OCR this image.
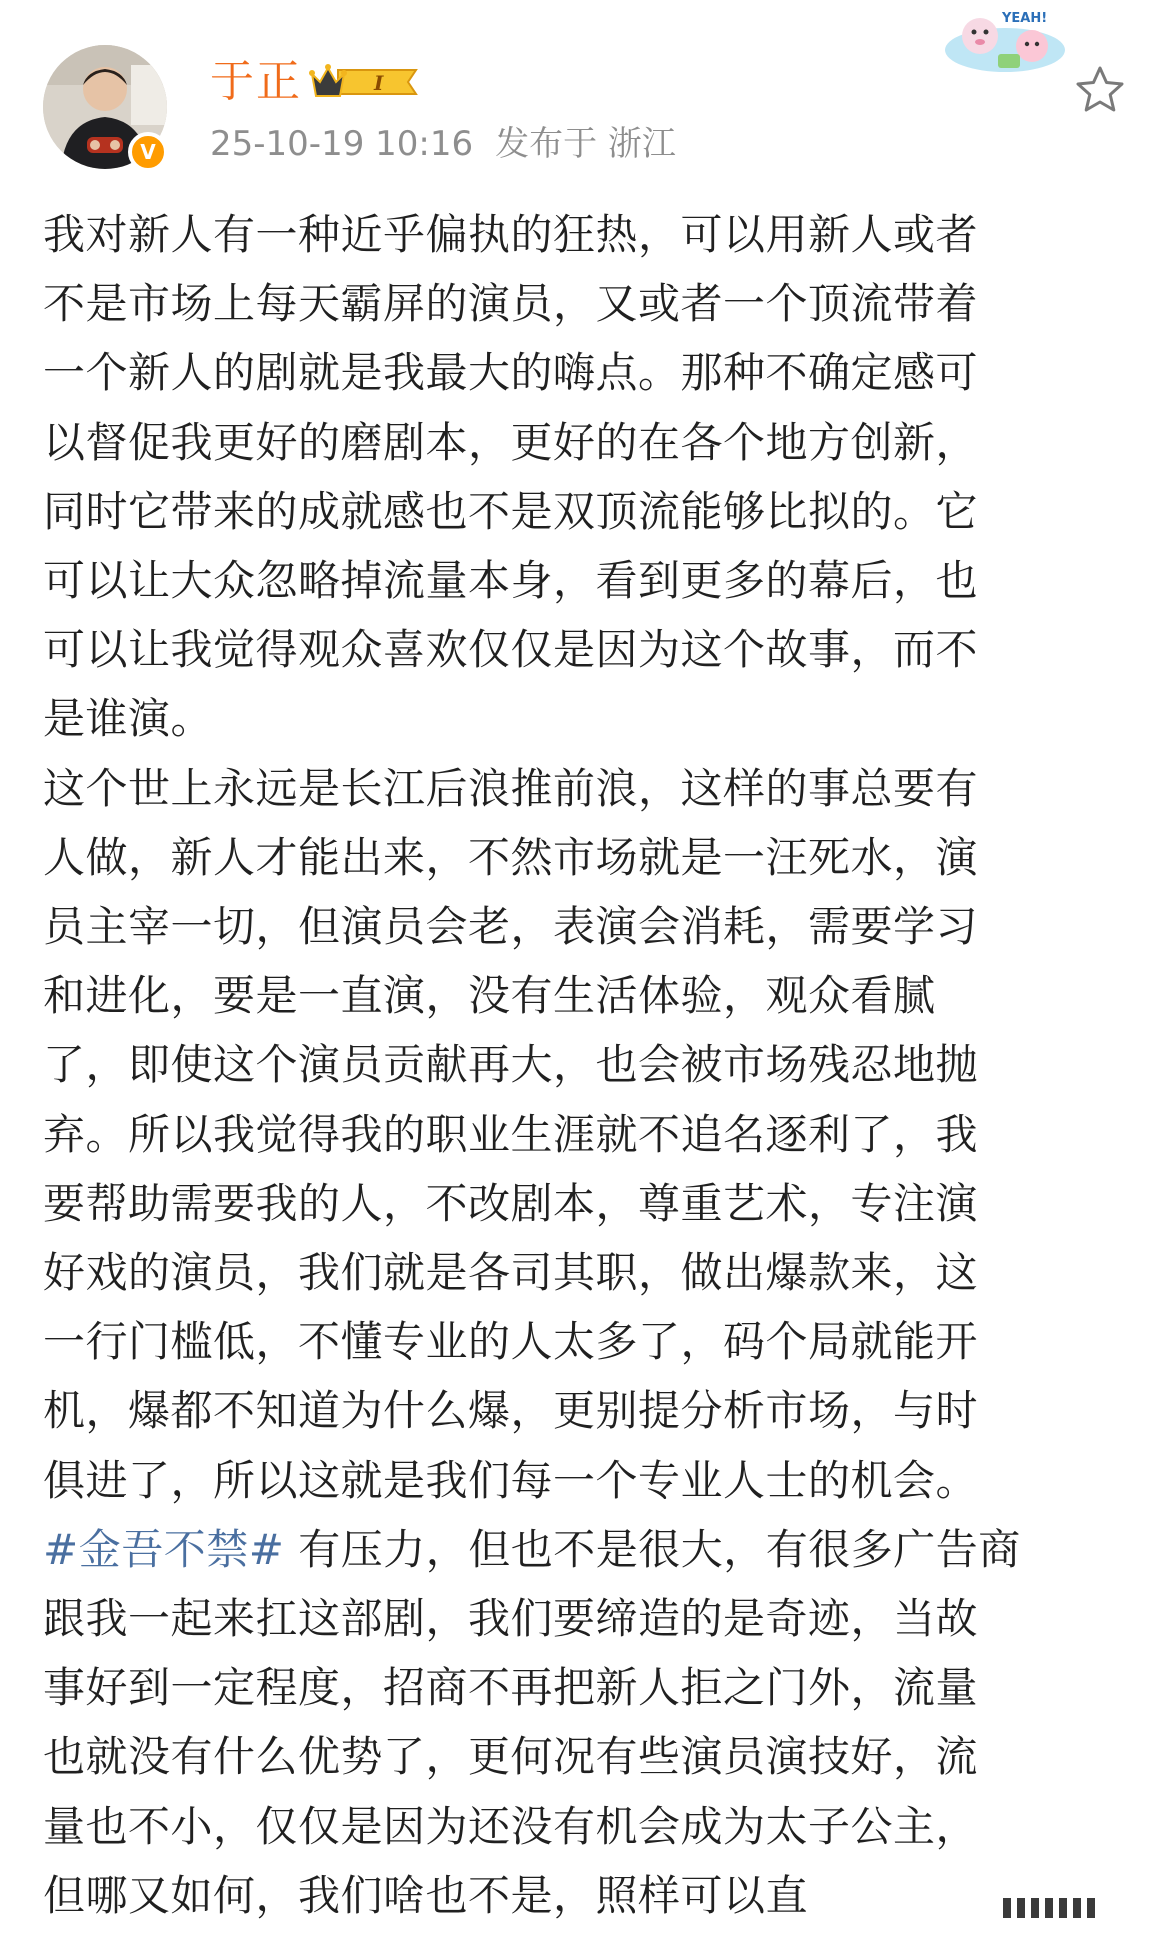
V
于正	I
25-10-19 10:16 发布于 浙江
YEAH!

我对新人有一种近乎偏执的狂热，可以用新人或者
不是市场上每天霸屏的演员，又或者一个顶流带着
一个新人的剧就是我最大的嗨点。那种不确定感可
以督促我更好的磨剧本，更好的在各个地方创新，
同时它带来的成就感也不是双顶流能够比拟的。它
可以让大众忽略掉流量本身，看到更多的幕后，也
可以让我觉得观众喜欢仅仅是因为这个故事，而不
是谁演。

这个世上永远是长江后浪推前浪，这样的事总要有
人做，新人才能出来，不然市场就是一汪死水，演
员主宰一切，但演员会老，表演会消耗，需要学习
和进化，要是一直演，没有生活体验，观众看腻
了，即使这个演员贡献再大，也会被市场残忍地抛
弃。所以我觉得我的职业生涯就不追名逐利了，我
要帮助需要我的人，不改剧本，尊重艺术，专注演
好戏的演员，我们就是各司其职，做出爆款来，这
一行门槛低，不懂专业的人太多了，码个局就能开
机，爆都不知道为什么爆，更别提分析市场，与时
俱进了，所以这就是我们每一个专业人士的机会。

#金吾不禁# 有压力，但也不是很大，有很多广告商
跟我一起来扛这部剧，我们要缔造的是奇迹，当故
事好到一定程度，招商不再把新人拒之门外，流量
也就没有什么优势了，更何况有些演员演技好，流
量也不小，仅仅是因为还没有机会成为太子公主，
但哪又如何，我们啥也不是，照样可以直
